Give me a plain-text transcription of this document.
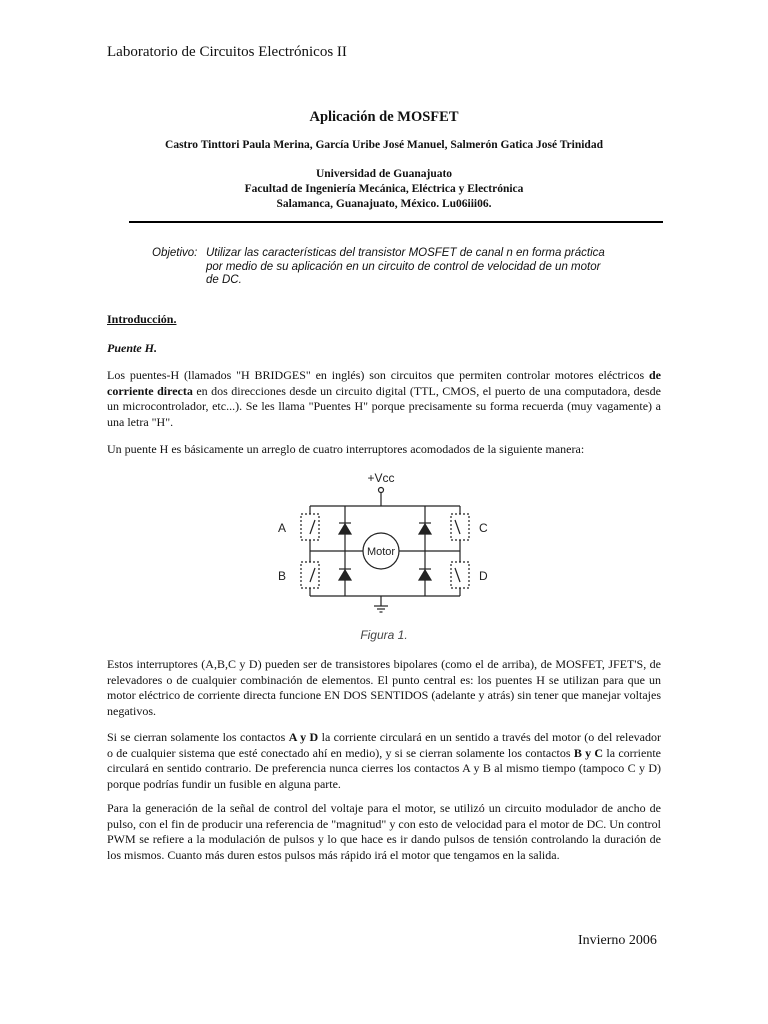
Laboratorio de Circuitos Electrónicos II
Aplicación de MOSFET
Castro Tinttori Paula Merina, García Uribe José Manuel, Salmerón Gatica José Trinidad
Universidad de Guanajuato
Facultad de Ingeniería Mecánica, Eléctrica y Electrónica
Salamanca, Guanajuato, México. Lu06iii06.
Objetivo: Utilizar las características del transistor MOSFET de canal n en forma práctica por medio de su aplicación en un circuito de control de velocidad de un motor de DC.
Introducción.
Puente H.
Los puentes-H (llamados "H BRIDGES" en inglés) son circuitos que permiten controlar motores eléctricos de corriente directa en dos direcciones desde un circuito digital (TTL, CMOS, el puerto de una computadora, desde un microcontrolador, etc...). Se les llama "Puentes H" porque precisamente su forma recuerda (muy vagamente) a una letra "H".
Un puente H es básicamente un arreglo de cuatro interruptores acomodados de la siguiente manera:
+Vcc
Motor
A
B
C
D
Figura 1.
Estos interruptores (A,B,C y D) pueden ser de transistores bipolares (como el de arriba), de MOSFET, JFET'S, de relevadores o de cualquier combinación de elementos. El punto central es: los puentes H se utilizan para que un motor eléctrico de corriente directa funcione EN DOS SENTIDOS (adelante y atrás) sin tener que manejar voltajes negativos.
Si se cierran solamente los contactos A y D la corriente circulará en un sentido a través del motor (o del relevador o de cualquier sistema que esté conectado ahí en medio), y si se cierran solamente los contactos B y C la corriente circulará en sentido contrario. De preferencia nunca cierres los contactos A y B al mismo tiempo (tampoco C y D) porque podrías fundir un fusible en alguna parte.
Para la generación de la señal de control del voltaje para el motor, se utilizó un circuito modulador de ancho de pulso, con el fin de producir una referencia de "magnitud" y con esto de velocidad para el motor de DC. Un control PWM se refiere a la modulación de pulsos y lo que hace es ir dando pulsos de tensión controlando la duración de los mismos. Cuanto más duren estos pulsos más rápido irá el motor que tengamos en la salida.
Invierno 2006
